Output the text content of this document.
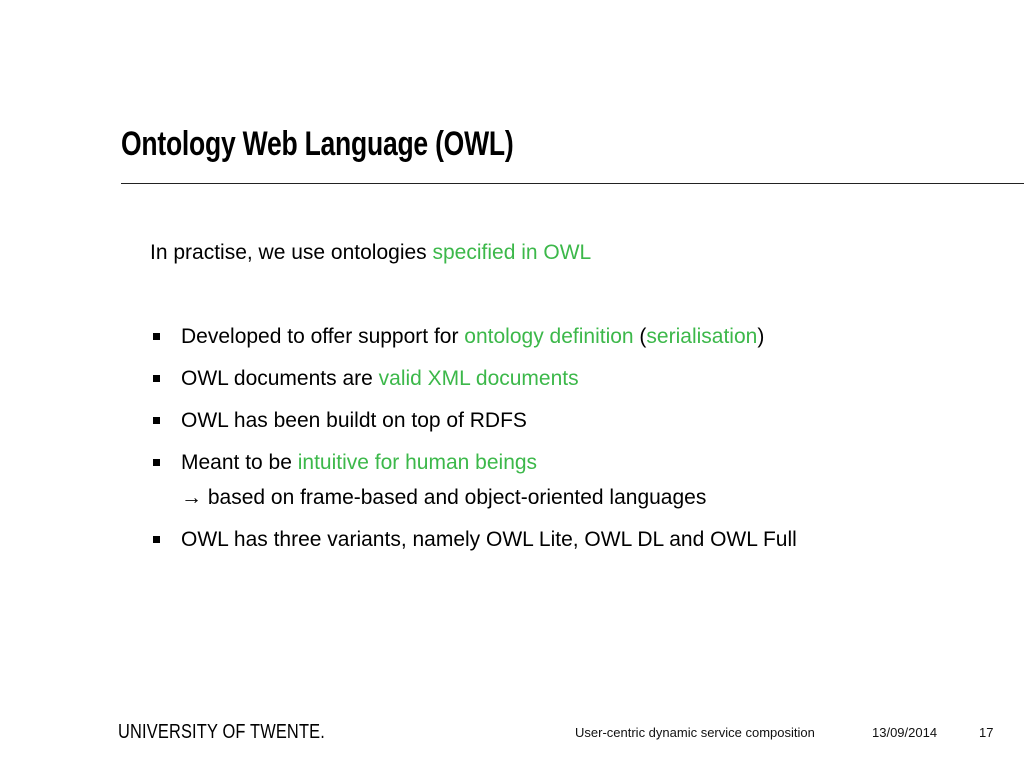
Ontology Web Language (OWL)
In practise, we use ontologies specified in OWL
Developed to offer support for ontology definition (serialisation)
OWL documents are valid XML documents
OWL has been buildt on top of RDFS
Meant to be intuitive for human beings
→ based on frame-based and object-oriented languages
OWL has three variants, namely OWL Lite, OWL DL and OWL Full
UNIVERSITY OF TWENTE.	User-centric dynamic service composition	13/09/2014	17
